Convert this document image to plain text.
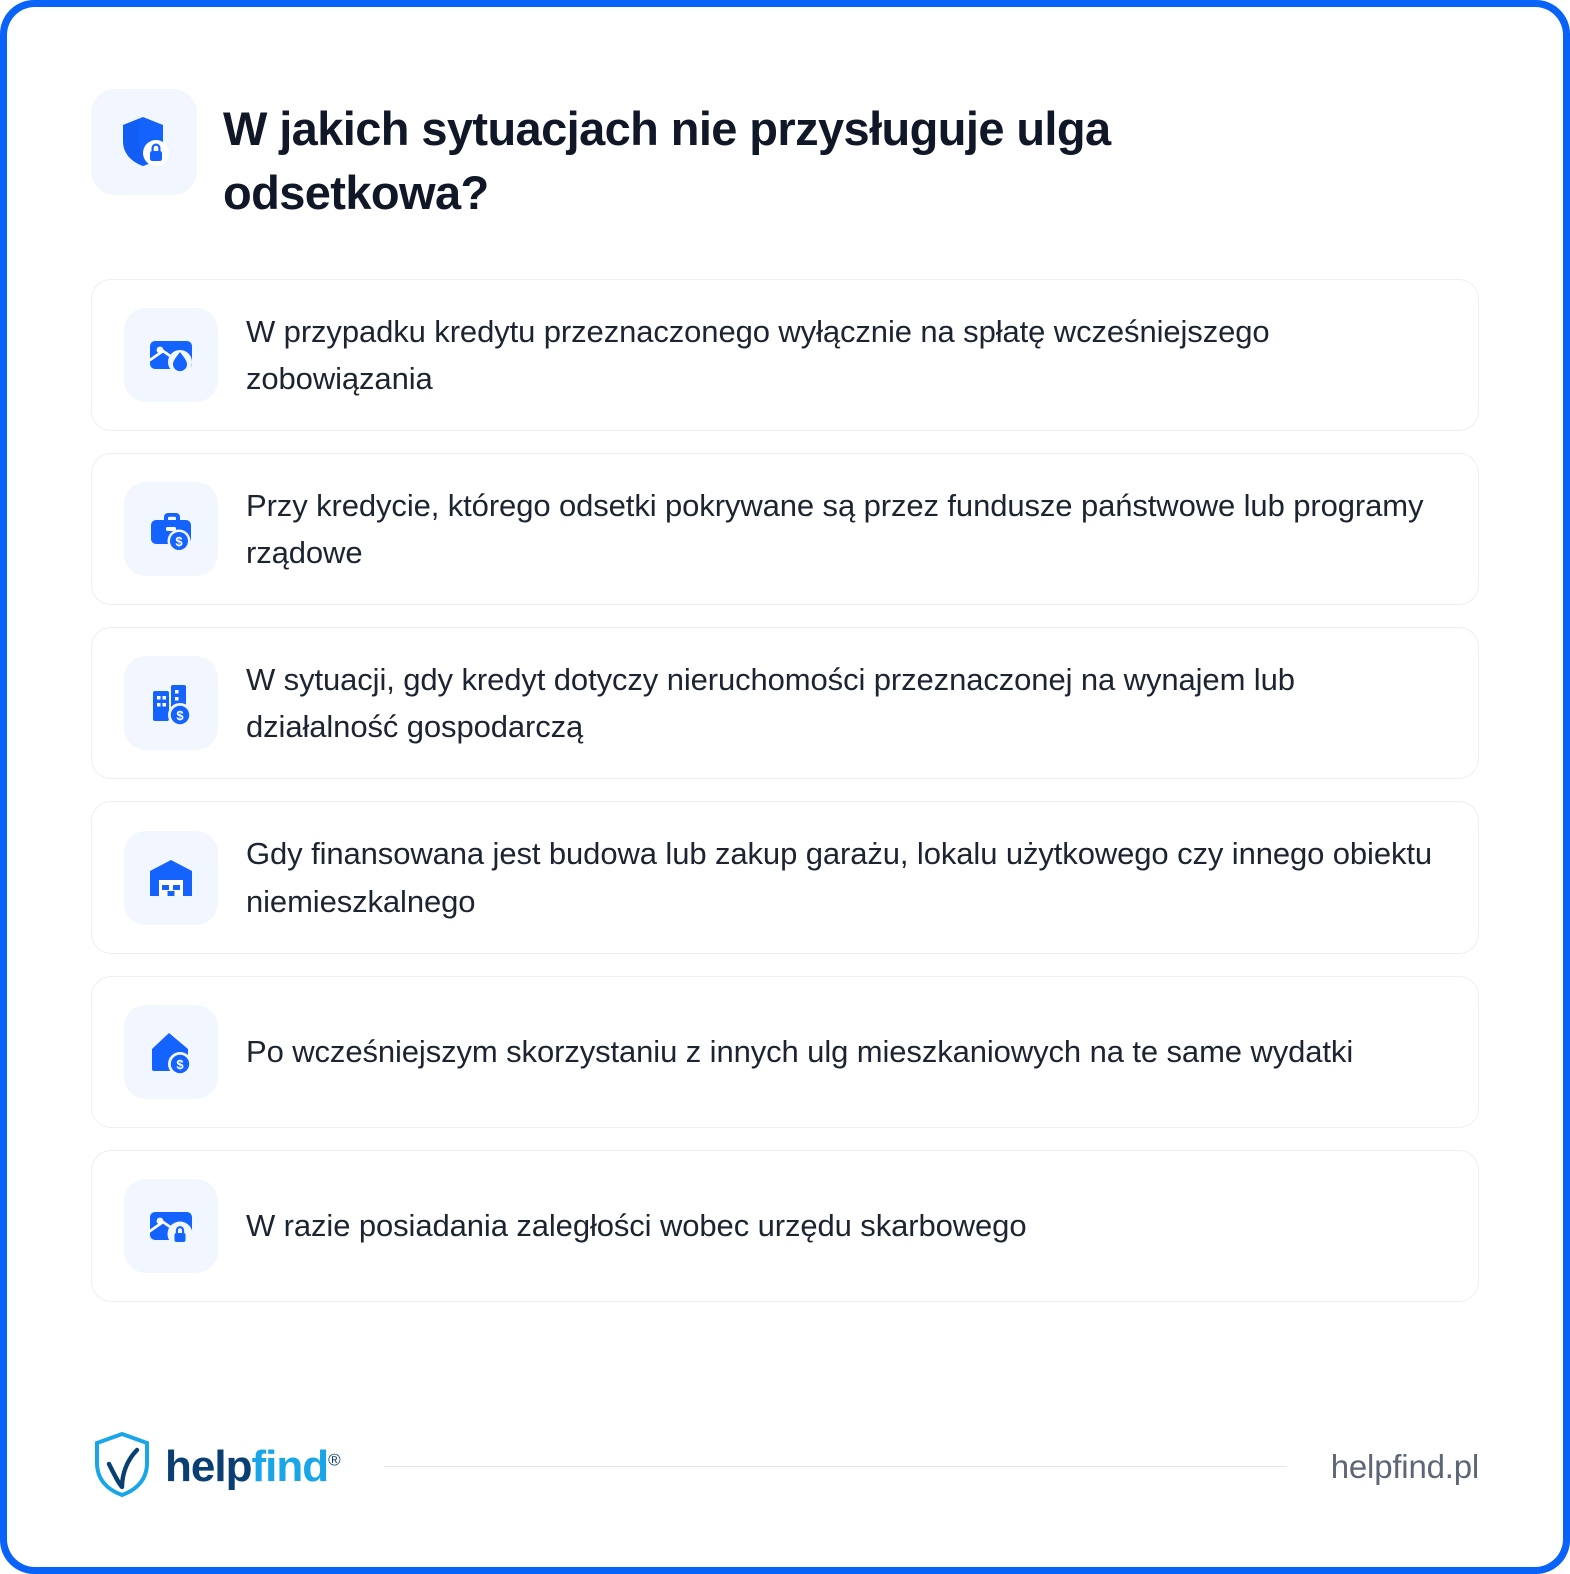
W jakich sytuacjach nie przysługuje ulga odsetkowa?
W przypadku kredytu przeznaczonego wyłącznie na spłatę wcześniejszego zobowiązania
$
Przy kredycie, którego odsetki pokrywane są przez fundusze państwowe lub programy rządowe
$
W sytuacji, gdy kredyt dotyczy nieruchomości przeznaczonej na wynajem lub działalność gospodarczą
Gdy finansowana jest budowa lub zakup garażu, lokalu użytkowego czy innego obiektu niemieszkalnego
$ Po wcześniejszym skorzystaniu z innych ulg mieszkaniowych na te same wydatki
W razie posiadania zaległości wobec urzędu skarbowego
helpfind®	helpfind.pl
